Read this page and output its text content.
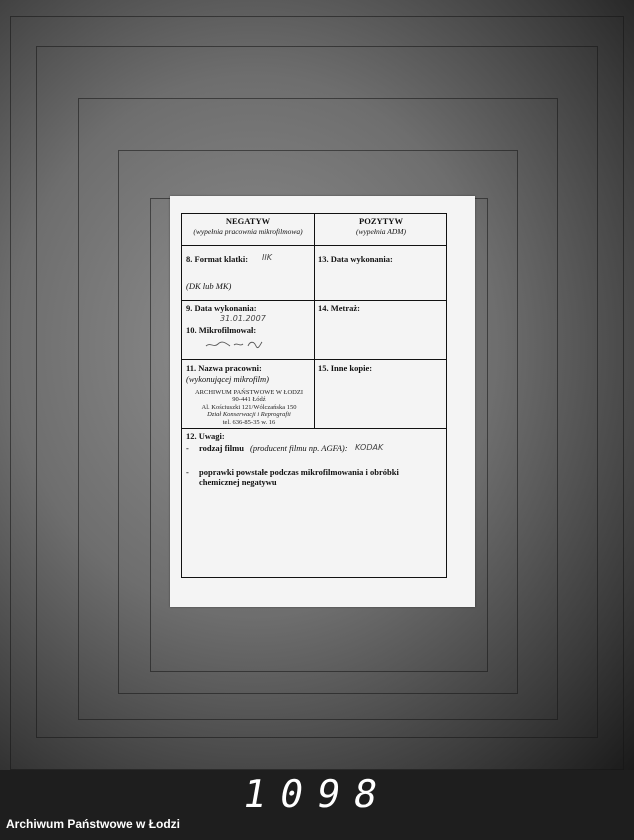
NEGATYW
(wypełnia pracownia mikrofilmowa)
POZYTYW
(wypełnia ADM)
8. Format klatki: IIK
(DK lub MK)
13. Data wykonania:
9. Data wykonania:
31.01.2007
10. Mikrofilmował:
14. Metraż:
11. Nazwa pracowni:
(wykonującej mikrofilm)
ARCHIWUM PAŃSTWOWE W ŁODZI
90-441 Łódź
Al. Kościuszki 121/Wólczańska 150
Dział Konserwacji i Reprografii
tel. 636-85-35 w. 16
15. Inne kopie:
12. Uwagi:
- rodzaj filmu (producent filmu np. AGFA): KODAK
- poprawki powstałe podczas mikrofilmowania i obróbki
chemicznej negatywu
1098
Archiwum Państwowe w Łodzi
